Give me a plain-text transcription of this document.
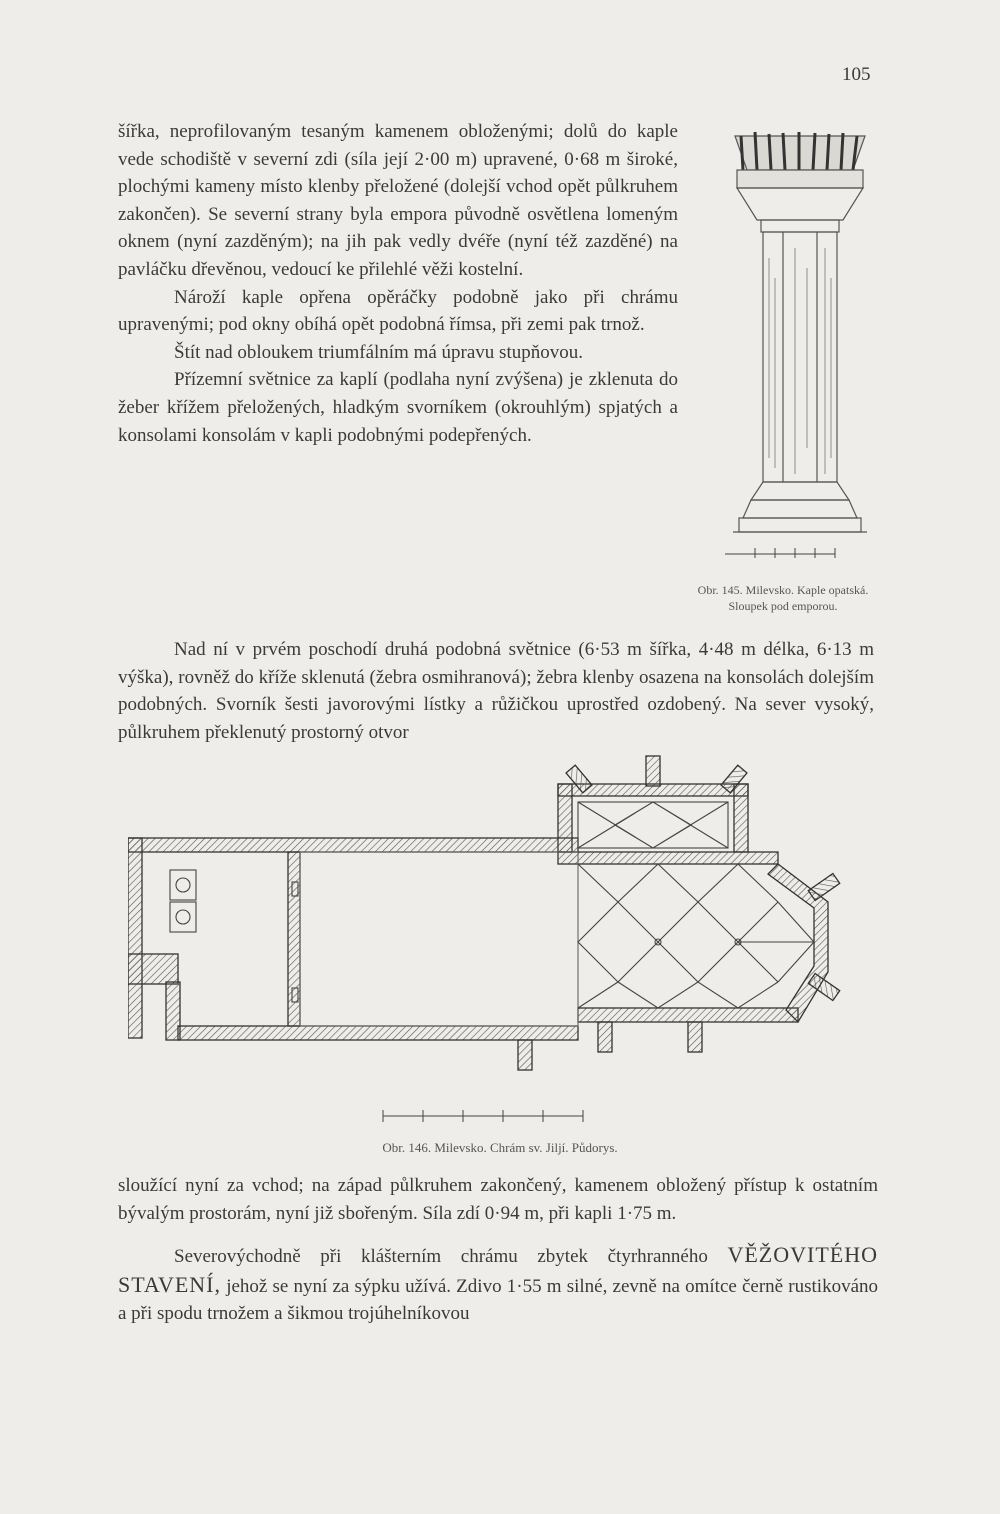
105

šířka, neprofilovaným tesaným kamenem obloženými; dolů do kaple vede schodiště v severní zdi (síla její 2·00 m) upravené, 0·68 m široké, plochými kameny místo klenby přeložené (dolejší vchod opět půlkruhem zakončen). Se severní strany byla empora původně osvětlena lomeným oknem (nyní zazděným); na jih pak vedly dvéře (nyní též zazděné) na pavláčku dřevěnou, vedoucí ke přilehlé věži kostelní.

Nároží kaple opřena opěráčky podobně jako při chrámu upravenými; pod okny obíhá opět podobná římsa, při zemi pak trnož.

Štít nad obloukem triumfálním má úpravu stupňovou.

Přízemní světnice za kaplí (podlaha nyní zvýšena) je zklenuta do žeber křížem přeložených, hladkým svorníkem (okrouhlým) spjatých a konsolami konsolám v kapli podobnými podepřených.

Nad ní v prvém poschodí druhá podobná světnice (6·53 m šířka, 4·48 m délka, 6·13 m výška), rovněž do kříže sklenutá (žebra osmihranová); žebra klenby osazena na konsolách dolejším podobných. Svorník šesti javorovými lístky a růžičkou uprostřed ozdobený. Na sever vysoký, půlkruhem překlenutý prostorný otvor

sloužící nyní za vchod; na západ půlkruhem zakončený, kamenem obložený přístup k ostatním bývalým prostorám, nyní již sbořeným. Síla zdí 0·94 m, při kapli 1·75 m.

Severovýchodně při klášterním chrámu zbytek čtyrhranného VĚŽOVITÉHO STAVENÍ, jehož se nyní za sýpku užívá. Zdivo 1·55 m silné, zevně na omítce černě rustikováno a při spodu trnožem a šikmou trojúhelníkovou

Obr. 145. Milevsko. Kaple opatská. Sloupek pod emporou.
Obr. 146. Milevsko. Chrám sv. Jiljí. Půdorys.
